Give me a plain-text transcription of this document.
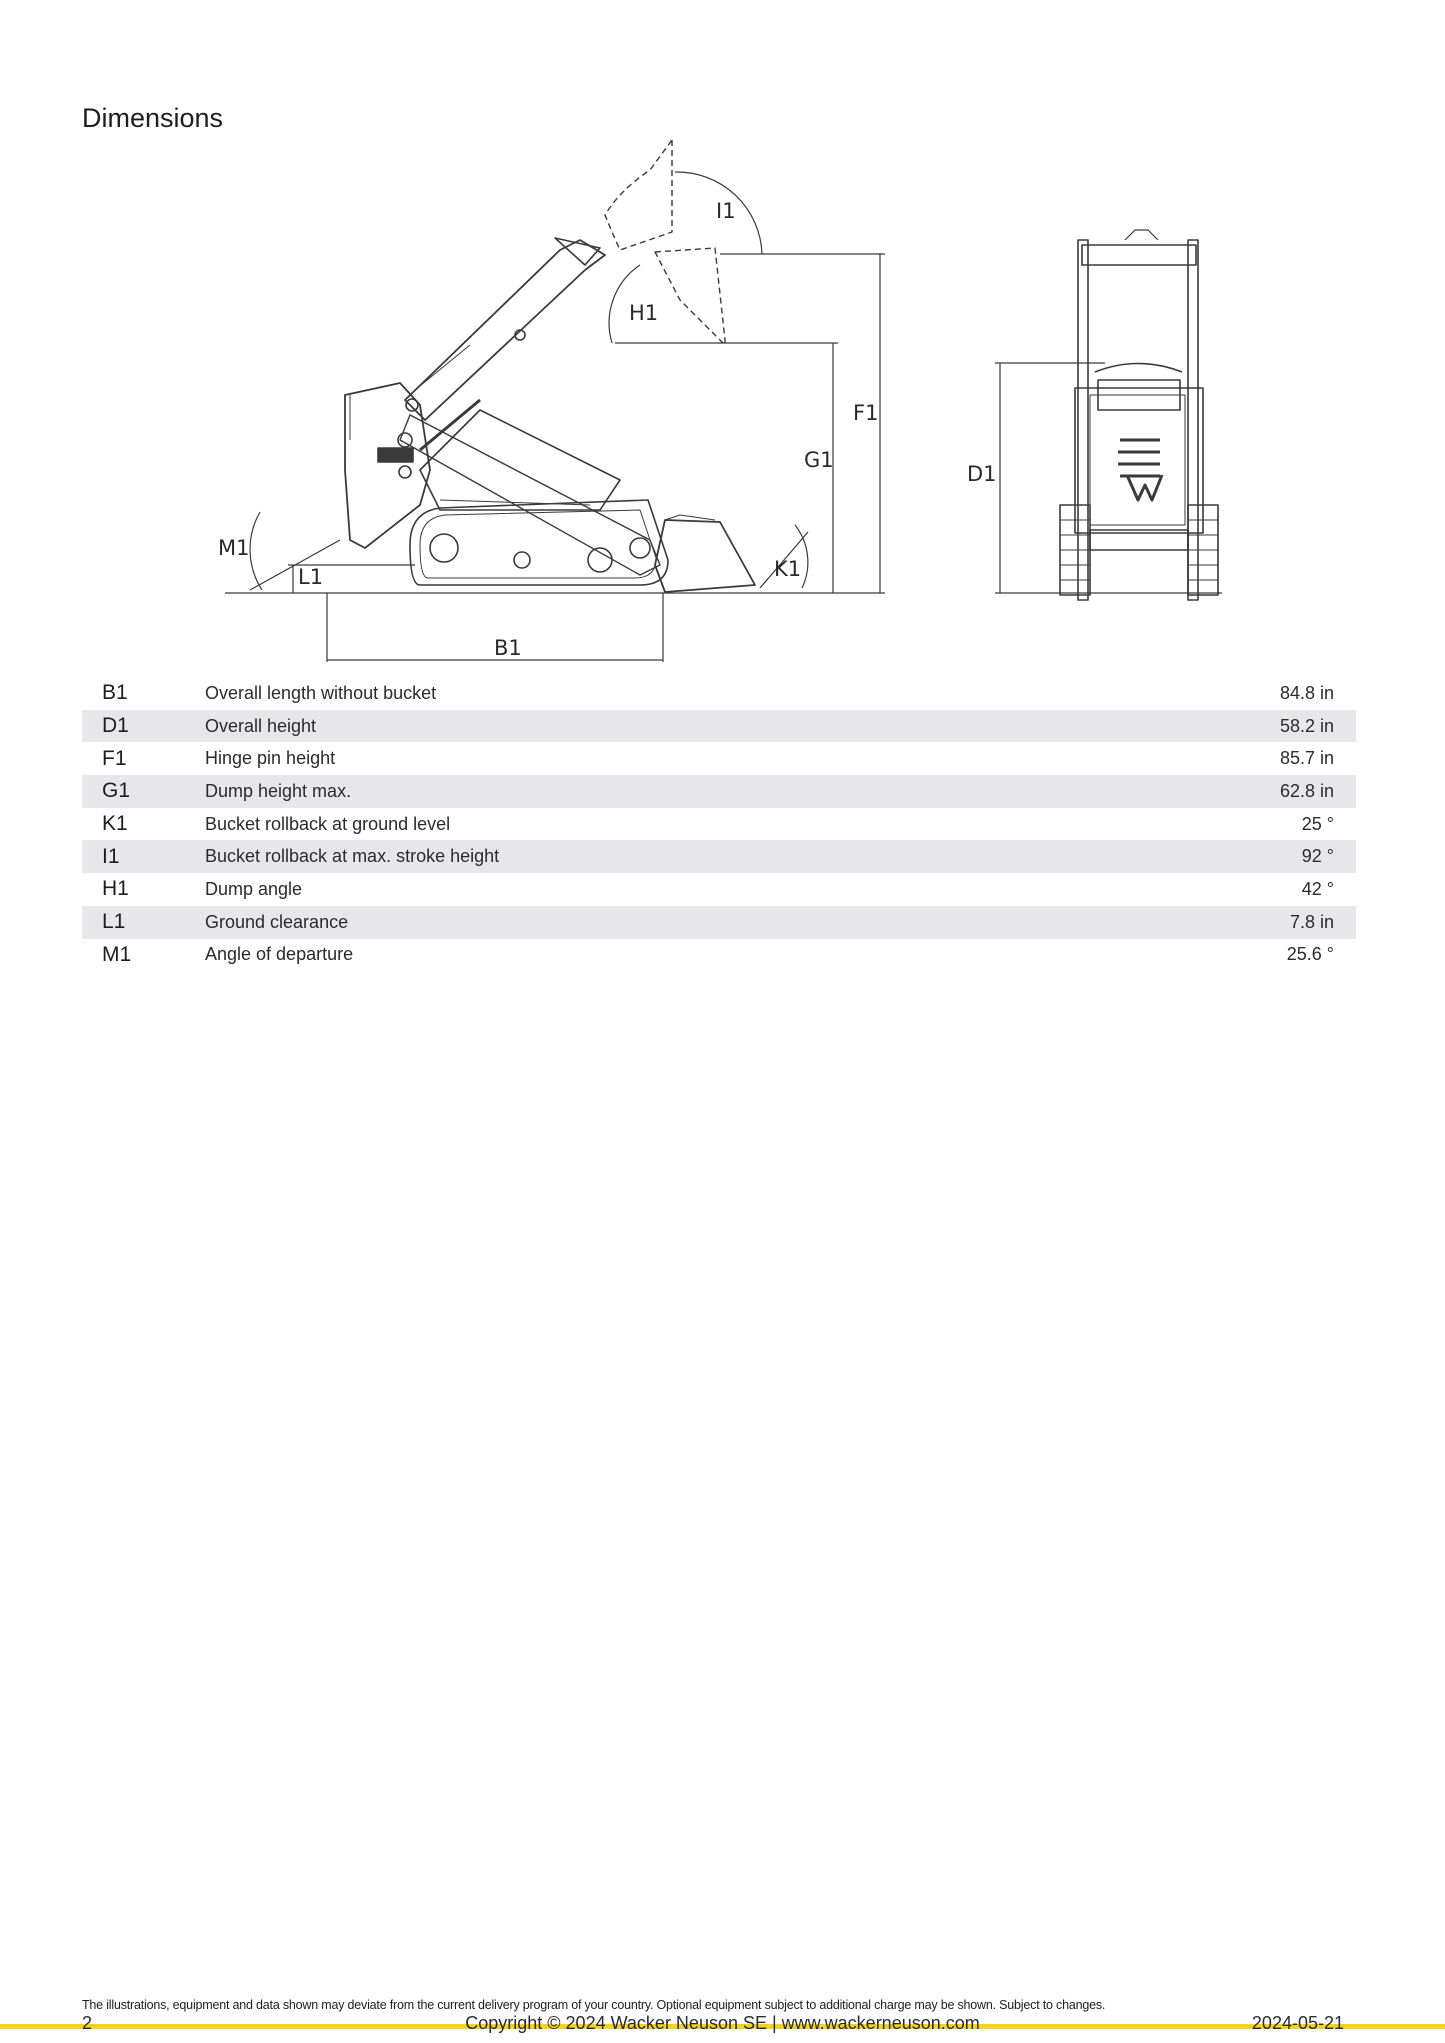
Dimensions
I1
H1
F1
G1
D1
M1
L1	K1
B1
B1	Overall length without bucket	84.8 in
D1	Overall height	58.2 in
F1	Hinge pin height	85.7 in
G1	Dump height max.	62.8 in
K1	Bucket rollback at ground level	25 °
I1	Bucket rollback at max. stroke height	92 °
H1	Dump angle	42 °
L1	Ground clearance	7.8 in
M1	Angle of departure	25.6 °
The illustrations, equipment and data shown may deviate from the current delivery program of your country. Optional equipment subject to additional charge may be shown. Subject to changes.
Copyright © 2024 Wacker Neuson SE | www.wackerneuson.com
2	2024-05-21
